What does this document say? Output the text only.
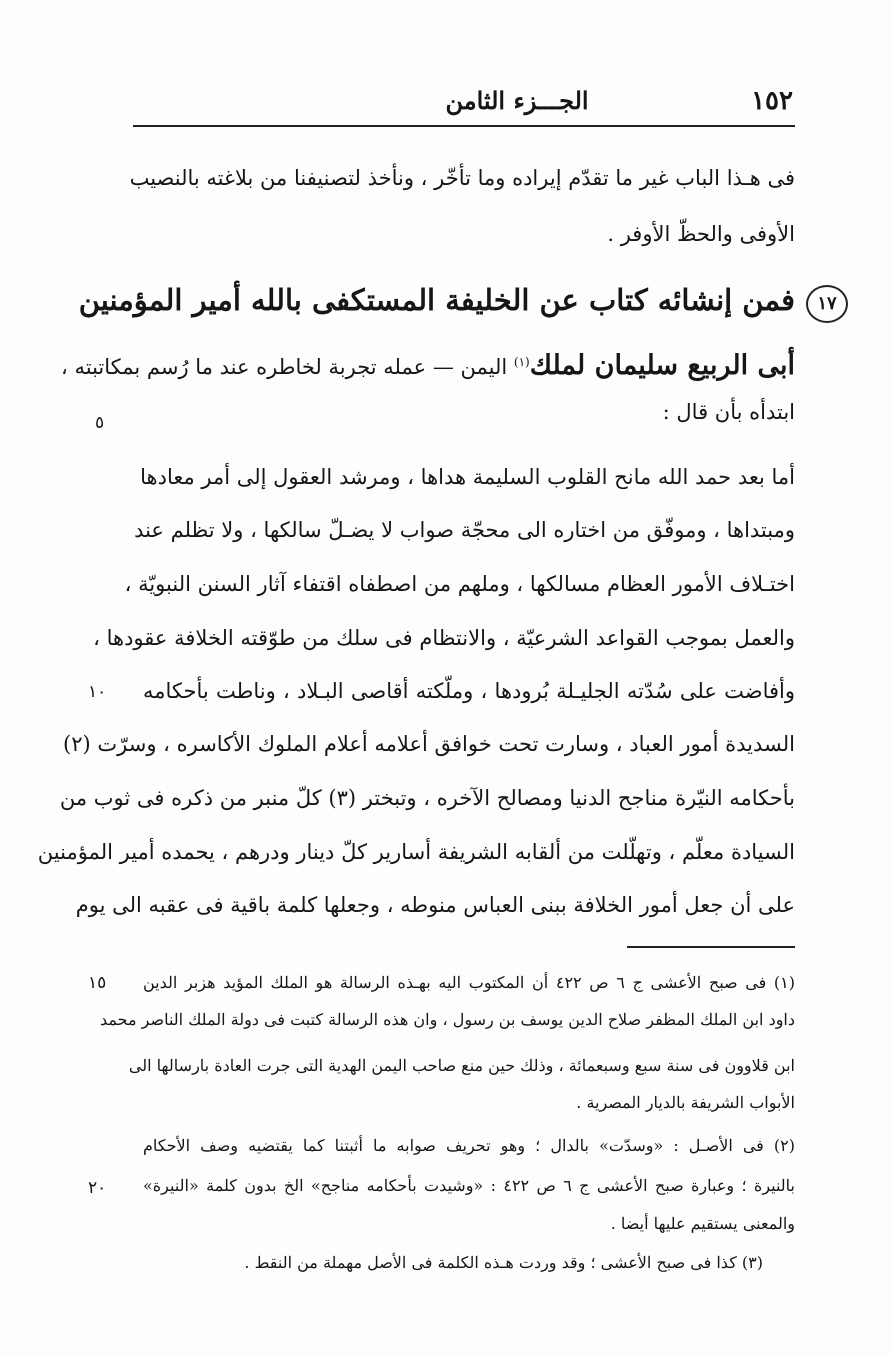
١٥٢
الجـــزء الثامن
فى هـذا الباب غير ما تقدّم إيراده وما تأخّر ، ونأخذ لتصنيفنا من بلاغته بالنصيب
الأوفى والحظّ الأوفر .
١٧
فمن إنشائه كتاب عن الخليفة المستكفى بالله أمير المؤمنين
أبى الربيع سليمان لملك$^{(١)}$ اليمن — عمله تجربة لخاطره عند ما رُسم بمكاتبته ،
ابتدأه بأن قال :
٥
١٠
١٥
٢٠
أما بعد حمد الله مانح القلوب السليمة هداها ، ومرشد العقول إلى أمر معادها
ومبتداها ، وموفّق من اختاره الى محجّة صواب لا يضـلّ سالكها ، ولا تظلم عند
اختـلاف الأمور العظام مسالكها ، وملهم من اصطفاه اقتفاء آثار السنن النبويّة ،
والعمل بموجب القواعد الشرعيّة ، والانتظام فى سلك من طوّقته الخلافة عقودها ،
وأفاضت على سُدّته الجليـلة بُرودها ، وملّكته أقاصى البـلاد ، وناطت بأحكامه
السديدة أمور العباد ، وسارت تحت خوافق أعلامه أعلام الملوك الأكاسره ، وسرّت (٢)
بأحكامه النيّرة مناجح الدنيا ومصالح الآخره ، وتبختر (٣) كلّ منبر من ذكره فى ثوب من
السيادة معلّم ، وتهلّلت من ألقابه الشريفة أسارير كلّ دينار ودرهم ، يحمده أمير المؤمنين
على أن جعل أمور الخلافة ببنى العباس منوطه ، وجعلها كلمة باقية فى عقبه الى يوم
(١) فى صبح الأعشى ج ٦ ص ٤٢٢ أن المكتوب اليه بهـذه الرسالة هو الملك المؤيد هزبر الدين
داود ابن الملك المظفر صلاح الدين يوسف بن رسول ، وان هذه الرسالة كتبت فى دولة الملك الناصر محمد
ابن قلاوون فى سنة سبع وسبعمائة ، وذلك حين منع صاحب اليمن الهدية التى جرت العادة بارسالها الى
الأبواب الشريفة بالديار المصرية .
(٢) فى الأصـل : «وسدّت» بالدال ؛ وهو تحريف صوابه ما أثبتنا كما يقتضيه وصف الأحكام
بالنيرة ؛ وعبارة صبح الأعشى ج ٦ ص ٤٢٢ : «وشيدت بأحكامه مناجح» الخ بدون كلمة «النيرة»
والمعنى يستقيم عليها أيضا .
(٣) كذا فى صبح الأعشى ؛ وقد وردت هـذه الكلمة فى الأصل مهملة من النقط .
